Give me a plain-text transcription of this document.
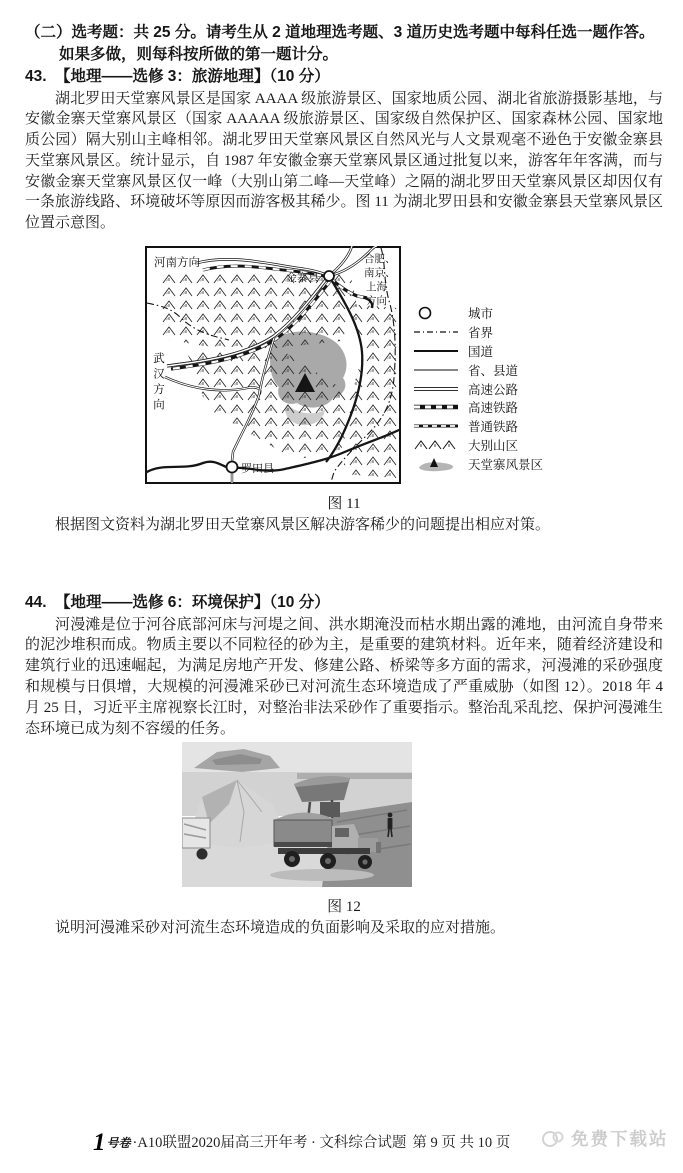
（二）选考题：共 25 分。请考生从 2 道地理选考题、3 道历史选考题中每科任选一题作答。
如果多做，则每科按所做的第一题计分。
43. 【地理——选修 3：旅游地理】（10 分）

湖北罗田天堂寨风景区是国家 AAAA 级旅游景区、国家地质公园、湖北省旅游摄影基地，与安徽金寨天堂寨风景区（国家 AAAAA 级旅游景区、国家级自然保护区、国家森林公园、国家地质公园）隔大别山主峰相邻。湖北罗田天堂寨风景区自然风光与人文景观毫不逊色于安徽金寨县天堂寨风景区。统计显示，自 1987 年安徽金寨天堂寨风景区通过批复以来，游客年年客满，而与安徽金寨天堂寨风景区仅一峰（大别山第二峰—天堂峰）之隔的湖北罗田天堂寨风景区却因仅有一条旅游线路、环境破坏等原因而游客极其稀少。图 11 为湖北罗田县和安徽金寨县天堂寨风景区位置示意图。

河南方向
金寨县
合肥、
南京、
上海
方向
罗田县
武汉方向
城市
省界
国道
省、县道
高速公路
高速铁路
普通铁路
大别山区
天堂寨风景区
图 11

根据图文资料为湖北罗田天堂寨风景区解决游客稀少的问题提出相应对策。

44. 【地理——选修 6：环境保护】（10 分）

河漫滩是位于河谷底部河床与河堤之间、洪水期淹没而枯水期出露的滩地，由河流自身带来的泥沙堆积而成。物质主要以不同粒径的砂为主，是重要的建筑材料。近年来，随着经济建设和建筑行业的迅速崛起，为满足房地产开发、修建公路、桥梁等多方面的需求，河漫滩的采砂强度和规模与日俱增，大规模的河漫滩采砂已对河流生态环境造成了严重威胁（如图 12）。2018 年 4 月 25 日，习近平主席视察长江时，对整治非法采砂作了重要指示。整治乱采乱挖、保护河漫滩生态环境已成为刻不容缓的任务。

图 12

说明河漫滩采砂对河流生态环境造成的负面影响及采取的应对措施。

1号卷 ·A10联盟2020届高三开年考 · 文科综合试题 第 9 页 共 10 页	免费下载站
